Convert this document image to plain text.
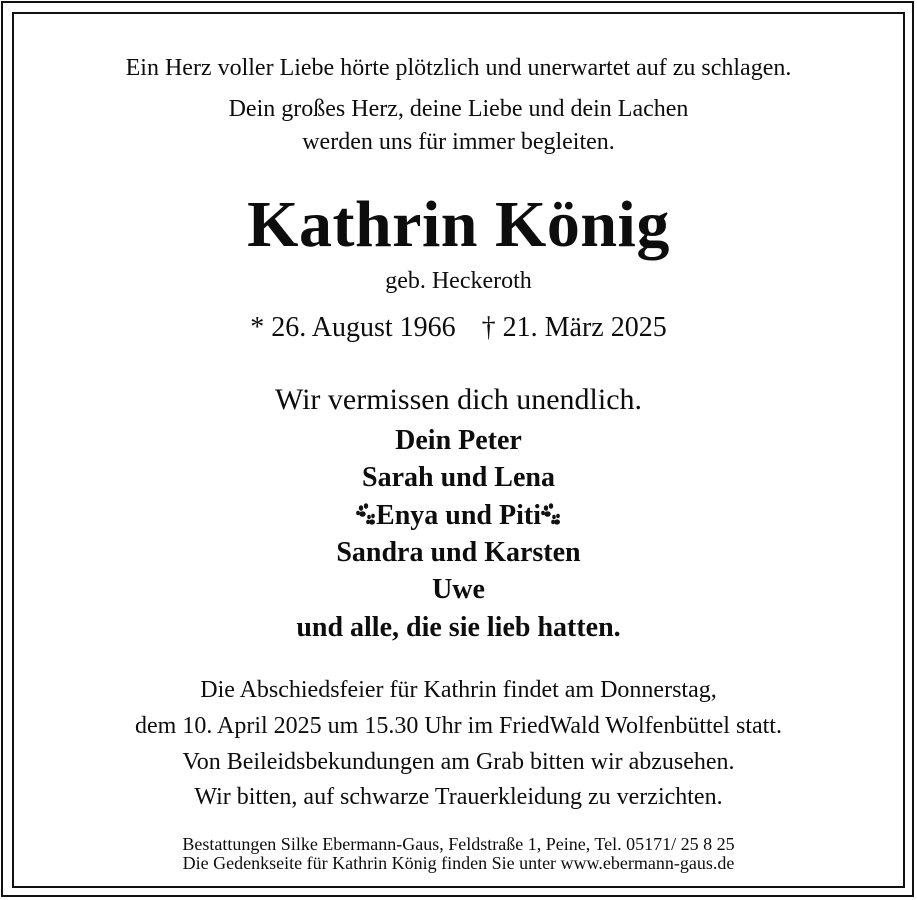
Ein Herz voller Liebe hörte plötzlich und unerwartet auf zu schlagen.
Dein großes Herz, deine Liebe und dein Lachen
werden uns für immer begleiten.
Kathrin König
geb. Heckeroth
* 26. August 1966 † 21. März 2025
Wir vermissen dich unendlich.
Dein Peter
Sarah und Lena
Enya und Piti
Sandra und Karsten
Uwe
und alle, die sie lieb hatten.
Die Abschiedsfeier für Kathrin findet am Donnerstag,
dem 10. April 2025 um 15.30 Uhr im FriedWald Wolfenbüttel statt.
Von Beileidsbekundungen am Grab bitten wir abzusehen.
Wir bitten, auf schwarze Trauerkleidung zu verzichten.
Bestattungen Silke Ebermann-Gaus, Feldstraße 1, Peine, Tel. 05171/ 25 8 25
Die Gedenkseite für Kathrin König finden Sie unter www.ebermann-gaus.de
